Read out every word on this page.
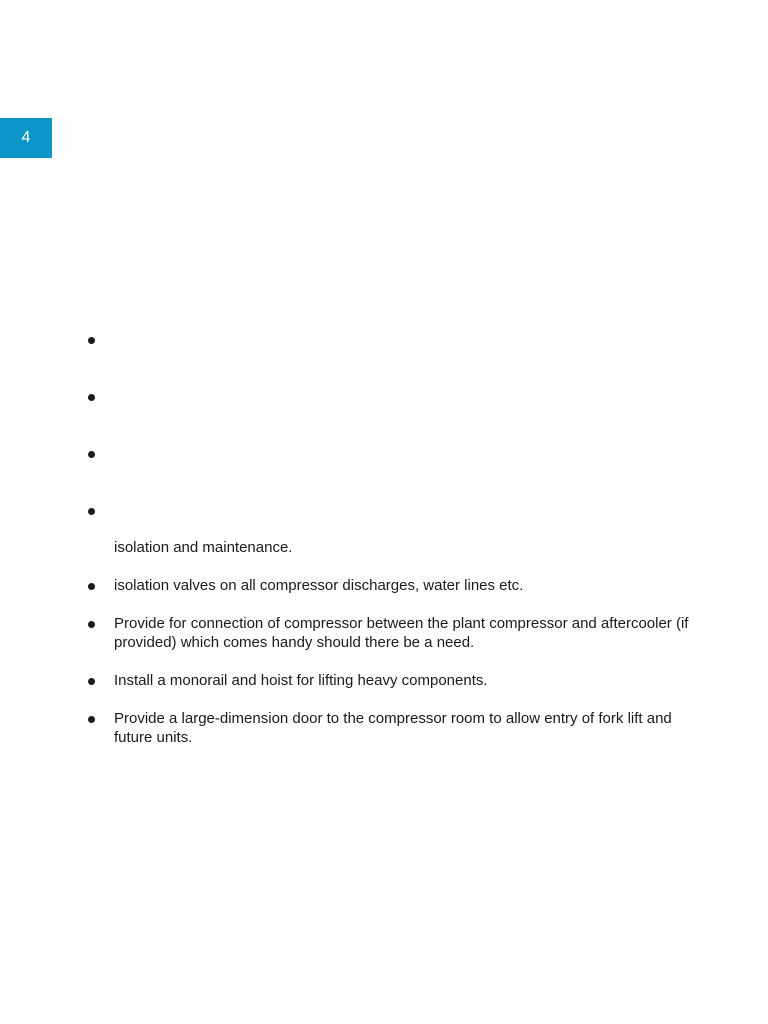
4
isolation and maintenance.
isolation valves on all compressor discharges, water lines etc.
Provide for connection of compressor between the plant compressor and aftercooler (if provided) which comes handy should there be a need.
Install a monorail and hoist for lifting heavy components.
Provide a large-dimension door to the compressor room to allow entry of fork lift and future units.
